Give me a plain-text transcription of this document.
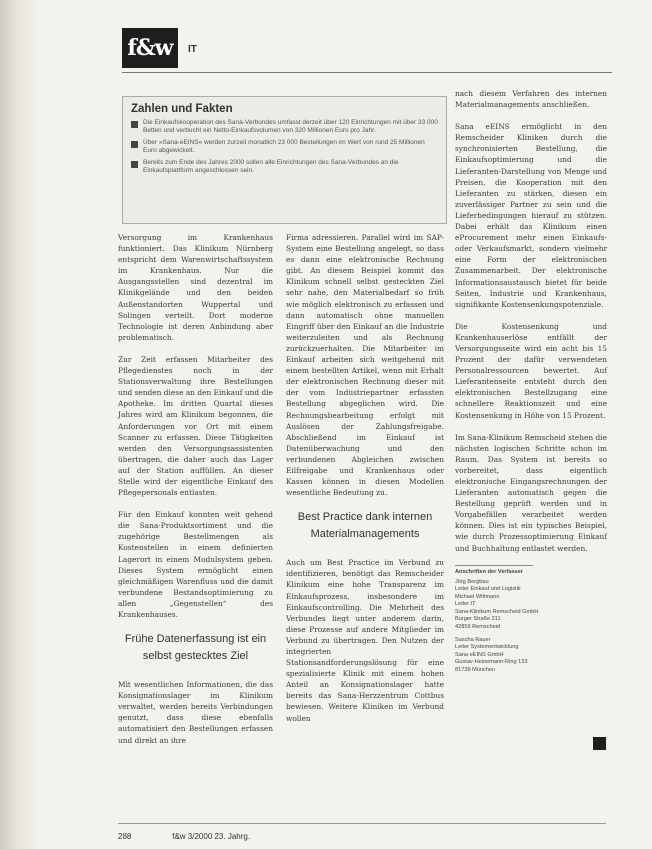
f&w	IT
Zahlen und Fakten
Die Einkaufskooperation des Sana-Verbundes umfasst derzeit über 120 Einrichtungen mit über 33 000 Betten und verbucht ein Netto-Einkaufsvolumen von 320 Millionen Euro pro Jahr.
Über »Sana-eEINS« werden zurzeit monatlich 23 000 Bestellungen im Wert von rund 25 Millionen Euro abgewickelt.
Bereits zum Ende des Jahres 2000 sollen alle Einrichtungen des Sana-Verbundes an die Einkaufsplattform angeschlossen sein.

Versorgung im Krankenhaus funktioniert. Das Klinikum Nürnberg entspricht dem Warenwirtschaftssystem im Krankenhaus. Nur die Ausgangsstellen sind dezentral im Klinikgelände und den beiden Außenstandorten Wuppertal und Solingen verteilt. Dort moderne Technologie ist deren Anbindung aber problematisch.

Zur Zeit erfassen Mitarbeiter des Pflegedienstes noch in der Stationsverwaltung ihre Bestellungen und senden diese an den Einkauf und die Apotheke. Im dritten Quartal dieses Jahres wird am Klinikum begonnen, die Anforderungen vor Ort mit einem Scanner zu erfassen. Diese Tätigkeiten werden den Versorgungsassistenten übertragen, die daher auch das Lager auf der Station auffüllen. An dieser Stelle wird der eigentliche Einkauf des Pflegepersonals entlasten.

Für den Einkauf konnten weit gehend die Sana-Produktsortiment und die zugehörige Bestellmengen als Kostenstellen in einem definierten Lagerort in einem Modulsystem geben. Dieses System ermöglicht einen gleichmäßigen Warenfluss und die damit verbundene Bestandsoptimierung zu allen „Gegenstellen“ des Krankenhauses.

Frühe Datenerfassung ist ein selbst gestecktes Ziel

Mit wesentlichen Informationen, die das Konsignationslager im Klinikum verwaltet, werden bereits Verbindungen genutzt, dass diese ebenfalls automatisiert den Bestellungen erfassen und direkt an ihre

Firma adressieren. Parallel wird im SAP-System eine Bestellung angelegt, so dass es dann eine elektronische Rechnung gibt. An diesem Beispiel kommt das Klinikum schnell selbst gesteckten Ziel sehr nahe, den Materialbedarf so früh wie möglich elektronisch zu erfassen und dann automatisch ohne manuellen Eingriff über den Einkauf an die Industrie weiterzuleiten und als Rechnung zurückzuerhalten. Die Mitarbeiter im Einkauf arbeiten sich weitgehend mit einem bestellten Artikel, wenn mit Erhalt der elektronischen Rechnung dieser mit der vom Industriepartner erfassten Bestellung abgeglichen wird. Die Rechnungsbearbeitung erfolgt mit Auslösen der Zahlungsfreigabe. Abschließend im Einkauf ist Datenüberwachung und den verbundenen Abgleichen zwischen Eilfreigabe und Krankenhaus oder Kassen können in diesen Modellen wesentliche Bedeutung zu.

Best Practice dank internen Materialmanagements

Auch um Best Practice im Verbund zu identifizieren, benötigt das Remscheider Klinikum eine hohe Transparenz im Einkaufsprozess, insbesondere im Einkaufscontrolling. Die Mehrheit des Verbundes liegt unter anderem darin, diese Prozesse auf andere Mitglieder im Verbund zu übertragen. Den Nutzen der integrierten Stationsandforderungslösung für eine spezialisierte Klinik mit einem hohen Anteil an Konsignationslager hatte bereits das Sana-Herzzentrum Cottbus bewiesen. Weitere Kliniken im Verbund wollen

nach diesem Verfahren des internen Materialmanagements anschließen.

Sana eEINS ermöglicht in den Remscheider Kliniken durch die synchronisierten Bestellung, die Einkaufsoptimierung und die Lieferanten-Darstellung von Menge und Preisen, die Kooperation mit den Lieferanten zu stärken, diesen ein zuverlässiger Partner zu sein und die Lieferbedingungen hierauf zu stützen. Dabei erhält das Klinikum einen eProcurement mehr einen Einkaufs- oder Verkaufsmarkt, sondern vielmehr eine Form der elektronischen Zusammenarbeit. Der elektronische Informationsaustausch bietet für beide Seiten, Industrie und Krankenhaus, signifikante Kostensenkungspotenziale.

Die Kostensenkung und Krankenhauserlöse entfällt der Versorgungsseite wird ein acht bis 15 Prozent der dafür verwendeten Personalressourcen bewertet. Auf Lieferantenseite entsteht durch den elektronischen Bestellzugang eine schnellere Reaktionszeit und eine Kostensenkung in Höhe von 15 Prozent.

Im Sana-Klinikum Remscheid stehen die nächsten logischen Schritte schon im Raum. Das System ist bereits so vorbereitet, dass eigentlich elektronische Eingangsrechnungen der Lieferanten automatisch gegen die Bestellung geprüft werden und in Vorgabefällen verarbeitet werden können. Dies ist ein typisches Beispiel, wie durch Prozessoptimierung Einkauf und Buchhaltung entlastet werden.

Anschriften der Verfasser
Jörg Bergbau
Leiter Einkauf und Logistik
Michael Wittmann
Leiter IT
Sana-Klinikum Remscheid GmbH
Burger Straße 211
42859 Remscheid
Sascha Rauer
Leiter Systementwicklung
Sana eEINS GmbH
Gustav-Heinemann-Ring 133
81739 München
288	f&w 3/2000 23. Jahrg.
